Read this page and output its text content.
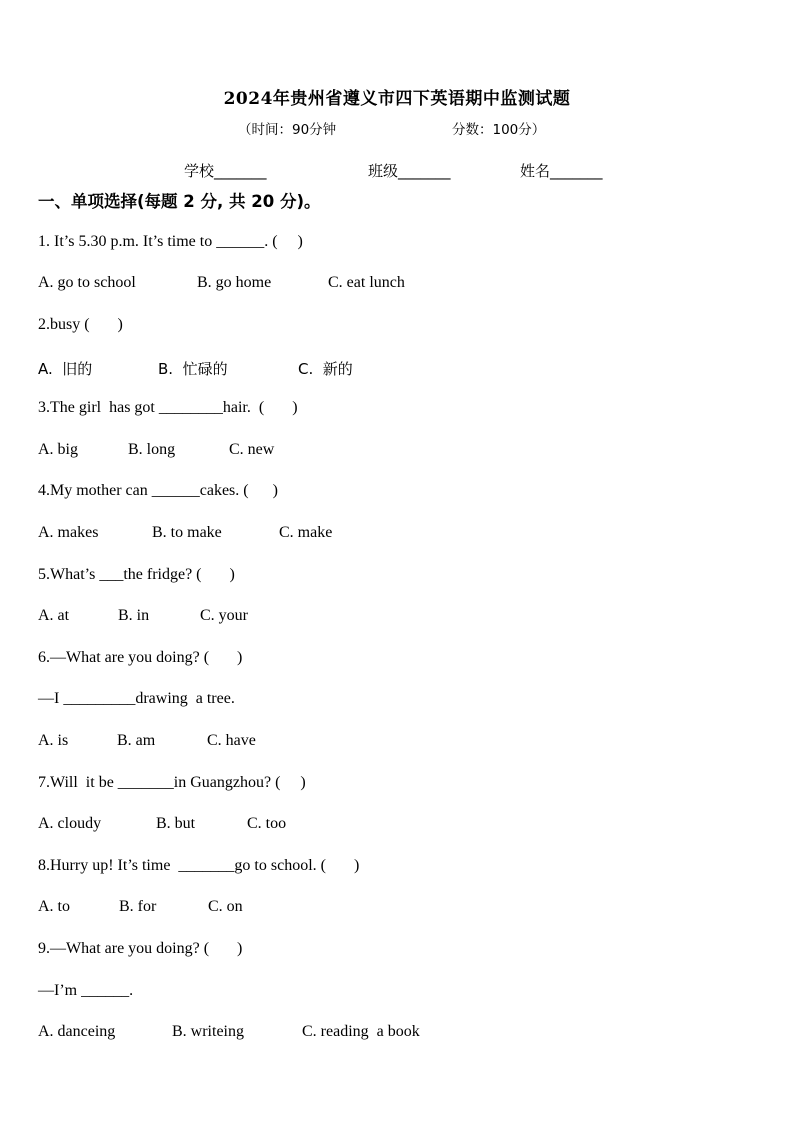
2024年贵州省遵义市四下英语期中监测试题
（时间：90分钟	分数：100分）
学校_______	班级_______	姓名_______
一、单项选择(每题 2 分, 共 20 分)。
1. It’s 5.30 p.m. It’s time to ______. (     )
A. go to school	B. go home	C. eat lunch
2.busy (       )
A.  旧的	B.  忙碌的	C.  新的
3.The girl  has got ________hair.  (       )
A. big	B. long	C. new
4.My mother can ______cakes. (      )
A. makes	B. to make	C. make
5.What’s ___the fridge? (       )
A. at	B. in	C. your
6.—What are you doing? (       )
—I _________drawing  a tree.
A. is	B. am	C. have
7.Will  it be _______in Guangzhou? (     )
A. cloudy	B. but	C. too
8.Hurry up! It’s time  _______go to school. (       )
A. to	B. for	C. on
9.—What are you doing? (       )
—I’m ______.
A. danceing	B. writeing	C. reading  a book
